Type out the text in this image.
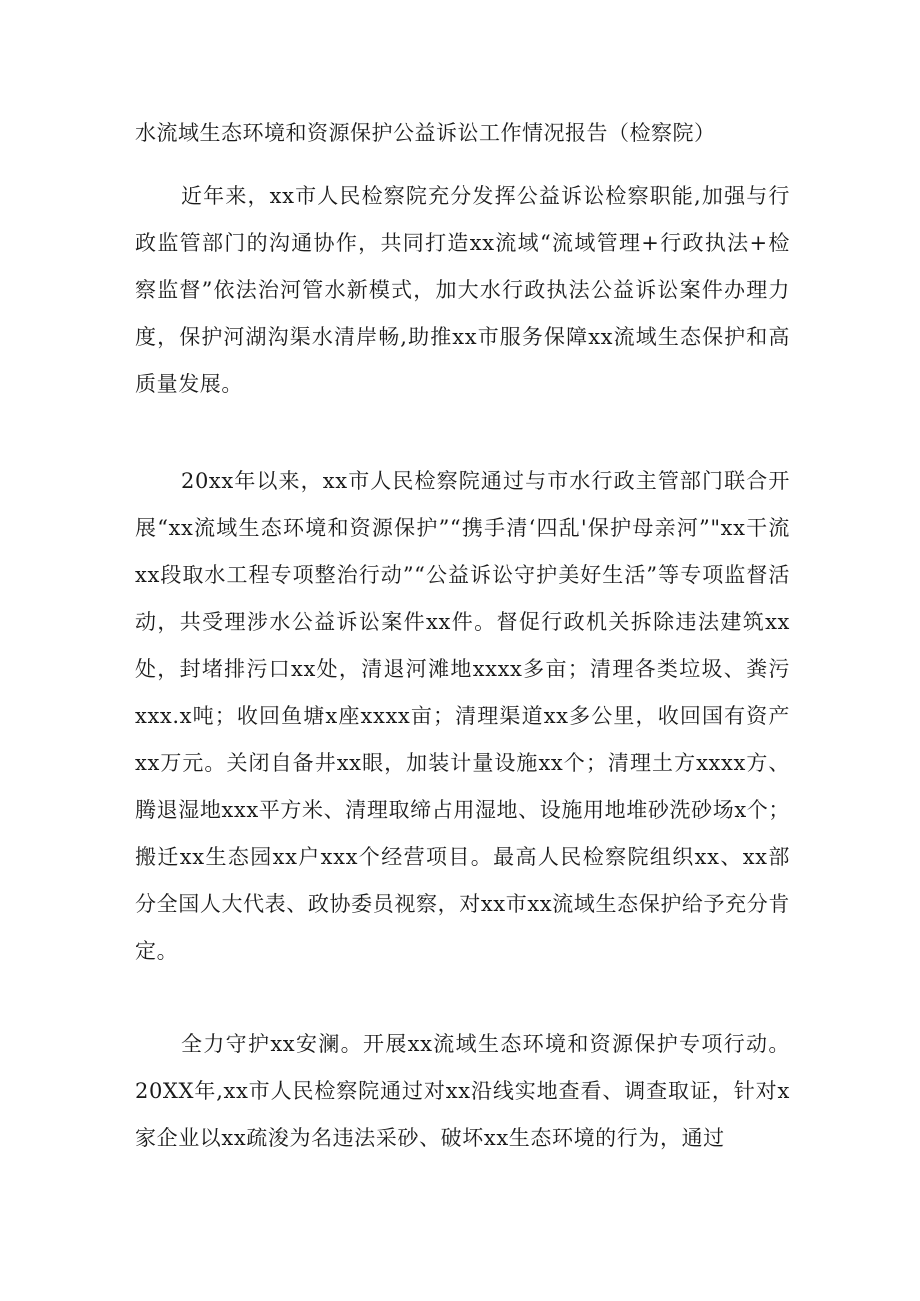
水流域生态环境和资源保护公益诉讼工作情况报告（检察院）

近年来，xx市人民检察院充分发挥公益诉讼检察职能,加强与行政监管部门的沟通协作，共同打造xx流域“流域管理+行政执法+检察监督”依法治河管水新模式，加大水行政执法公益诉讼案件办理力度，保护河湖沟渠水清岸畅,助推xx市服务保障xx流域生态保护和高质量发展。

20xx年以来，xx市人民检察院通过与市水行政主管部门联合开展“xx流域生态环境和资源保护”“携手清‘四乱'保护母亲河”"xx干流xx段取水工程专项整治行动”“公益诉讼守护美好生活”等专项监督活动，共受理涉水公益诉讼案件xx件。督促行政机关拆除违法建筑xx处，封堵排污口xx处，清退河滩地xxxx多亩；清理各类垃圾、粪污xxx.x吨；收回鱼塘x座xxxx亩；清理渠道xx多公里，收回国有资产xx万元。关闭自备井xx眼，加装计量设施xx个；清理土方xxxx方、腾退湿地xxx平方米、清理取缔占用湿地、设施用地堆砂洗砂场x个；搬迁xx生态园xx户xxx个经营项目。最高人民检察院组织xx、xx部分全国人大代表、政协委员视察，对xx市xx流域生态保护给予充分肯定。

全力守护xx安澜。开展xx流域生态环境和资源保护专项行动。20XX年,xx市人民检察院通过对xx沿线实地查看、调查取证，针对x家企业以xx疏浚为名违法采砂、破坏xx生态环境的行为，通过
